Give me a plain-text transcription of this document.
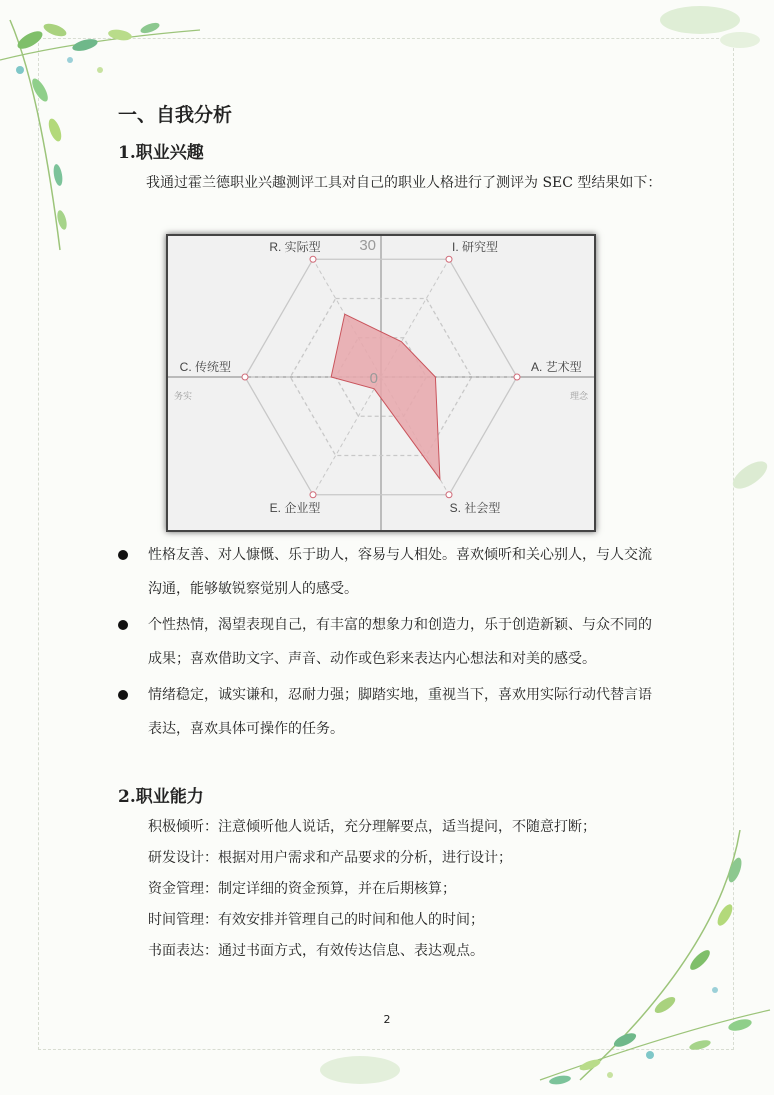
一、自我分析
1.职业兴趣

我通过霍兰德职业兴趣测评工具对自己的职业人格进行了测评为 SEC 型结果如下：

R. 实际型	I. 研究型
A. 艺术型
S. 社会型
E. 企业型
C. 传统型
30
0
务实	理念
性格友善、对人慷慨、乐于助人，容易与人相处。喜欢倾听和关心别人，与人交流沟通，能够敏锐察觉别人的感受。
个性热情，渴望表现自己，有丰富的想象力和创造力，乐于创造新颖、与众不同的成果；喜欢借助文字、声音、动作或色彩来表达内心想法和对美的感受。
情绪稳定，诚实谦和，忍耐力强；脚踏实地，重视当下，喜欢用实际行动代替言语表达，喜欢具体可操作的任务。
2.职业能力
积极倾听：注意倾听他人说话，充分理解要点，适当提问，不随意打断；
研发设计：根据对用户需求和产品要求的分析，进行设计；
资金管理：制定详细的资金预算，并在后期核算；
时间管理：有效安排并管理自己的时间和他人的时间；
书面表达：通过书面方式，有效传达信息、表达观点。
2
